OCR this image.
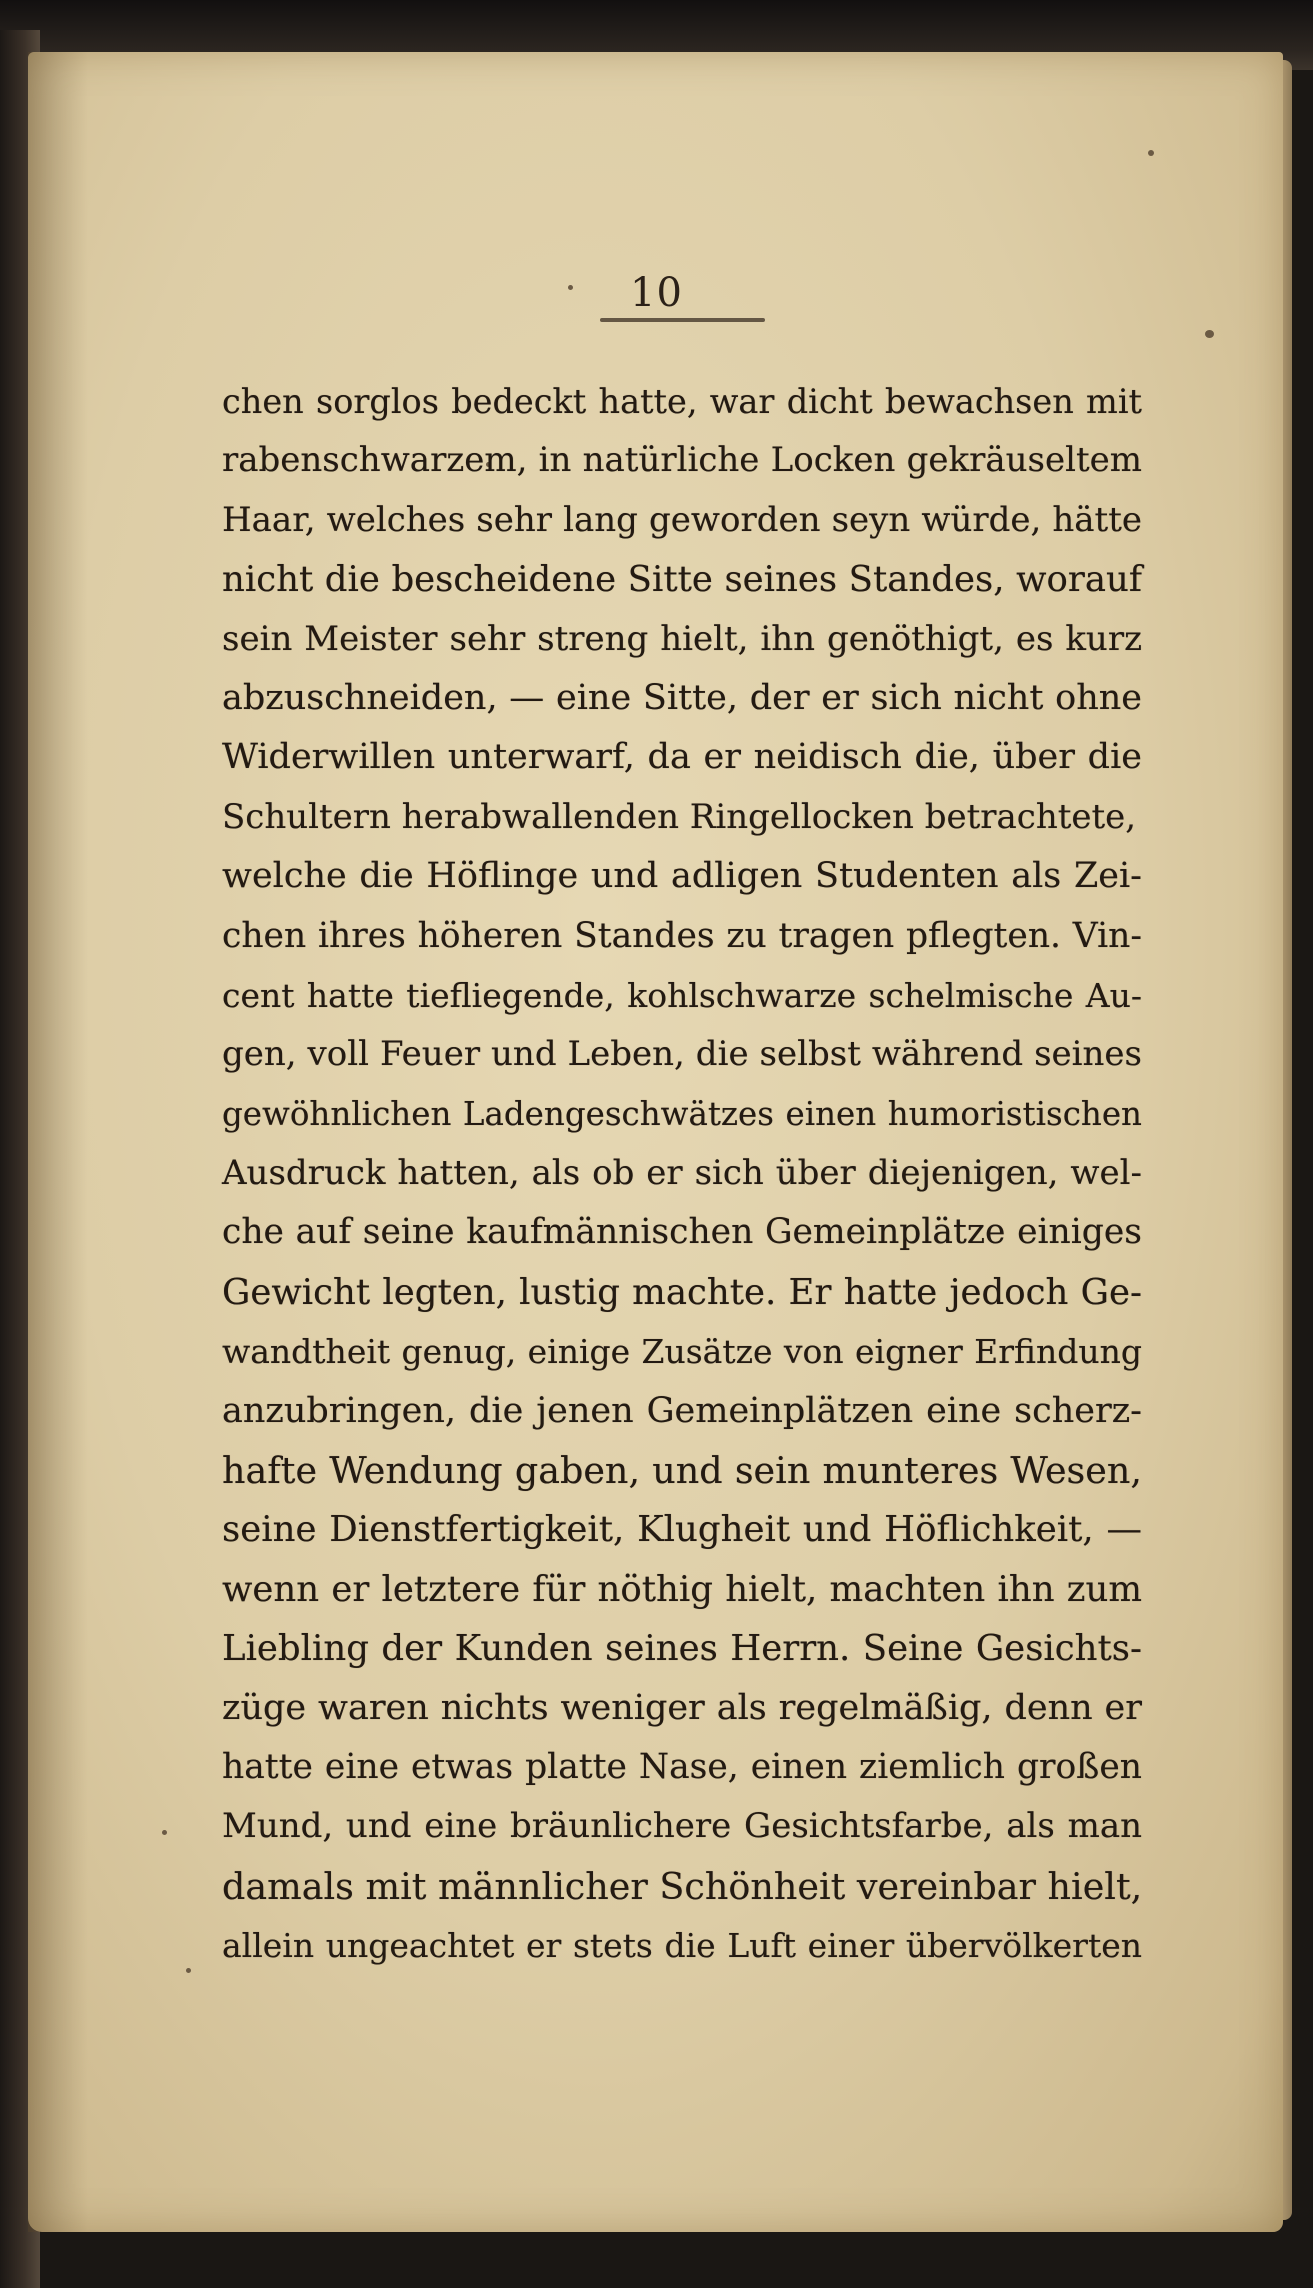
10
chen sorglos bedeckt hatte, war dicht bewachsen mit
rabenschwarzem, in natürliche Locken gekräuseltem
Haar, welches sehr lang geworden seyn würde, hätte
nicht die bescheidene Sitte seines Standes, worauf
sein Meister sehr streng hielt, ihn genöthigt, es kurz
abzuschneiden, — eine Sitte, der er sich nicht ohne
Widerwillen unterwarf, da er neidisch die, über die
Schultern herabwallenden Ringellocken betrachtete,
welche die Höflinge und adligen Studenten als Zei-
chen ihres höheren Standes zu tragen pflegten. Vin-
cent hatte tiefliegende, kohlschwarze schelmische Au-
gen, voll Feuer und Leben, die selbst während seines
gewöhnlichen Ladengeschwätzes einen humoristischen
Ausdruck hatten, als ob er sich über diejenigen, wel-
che auf seine kaufmännischen Gemeinplätze einiges
Gewicht legten, lustig machte. Er hatte jedoch Ge-
wandtheit genug, einige Zusätze von eigner Erfindung
anzubringen, die jenen Gemeinplätzen eine scherz-
hafte Wendung gaben, und sein munteres Wesen,
seine Dienstfertigkeit, Klugheit und Höflichkeit, —
wenn er letztere für nöthig hielt, machten ihn zum
Liebling der Kunden seines Herrn. Seine Gesichts-
züge waren nichts weniger als regelmäßig, denn er
hatte eine etwas platte Nase, einen ziemlich großen
Mund, und eine bräunlichere Gesichtsfarbe, als man
damals mit männlicher Schönheit vereinbar hielt,
allein ungeachtet er stets die Luft einer übervölkerten
